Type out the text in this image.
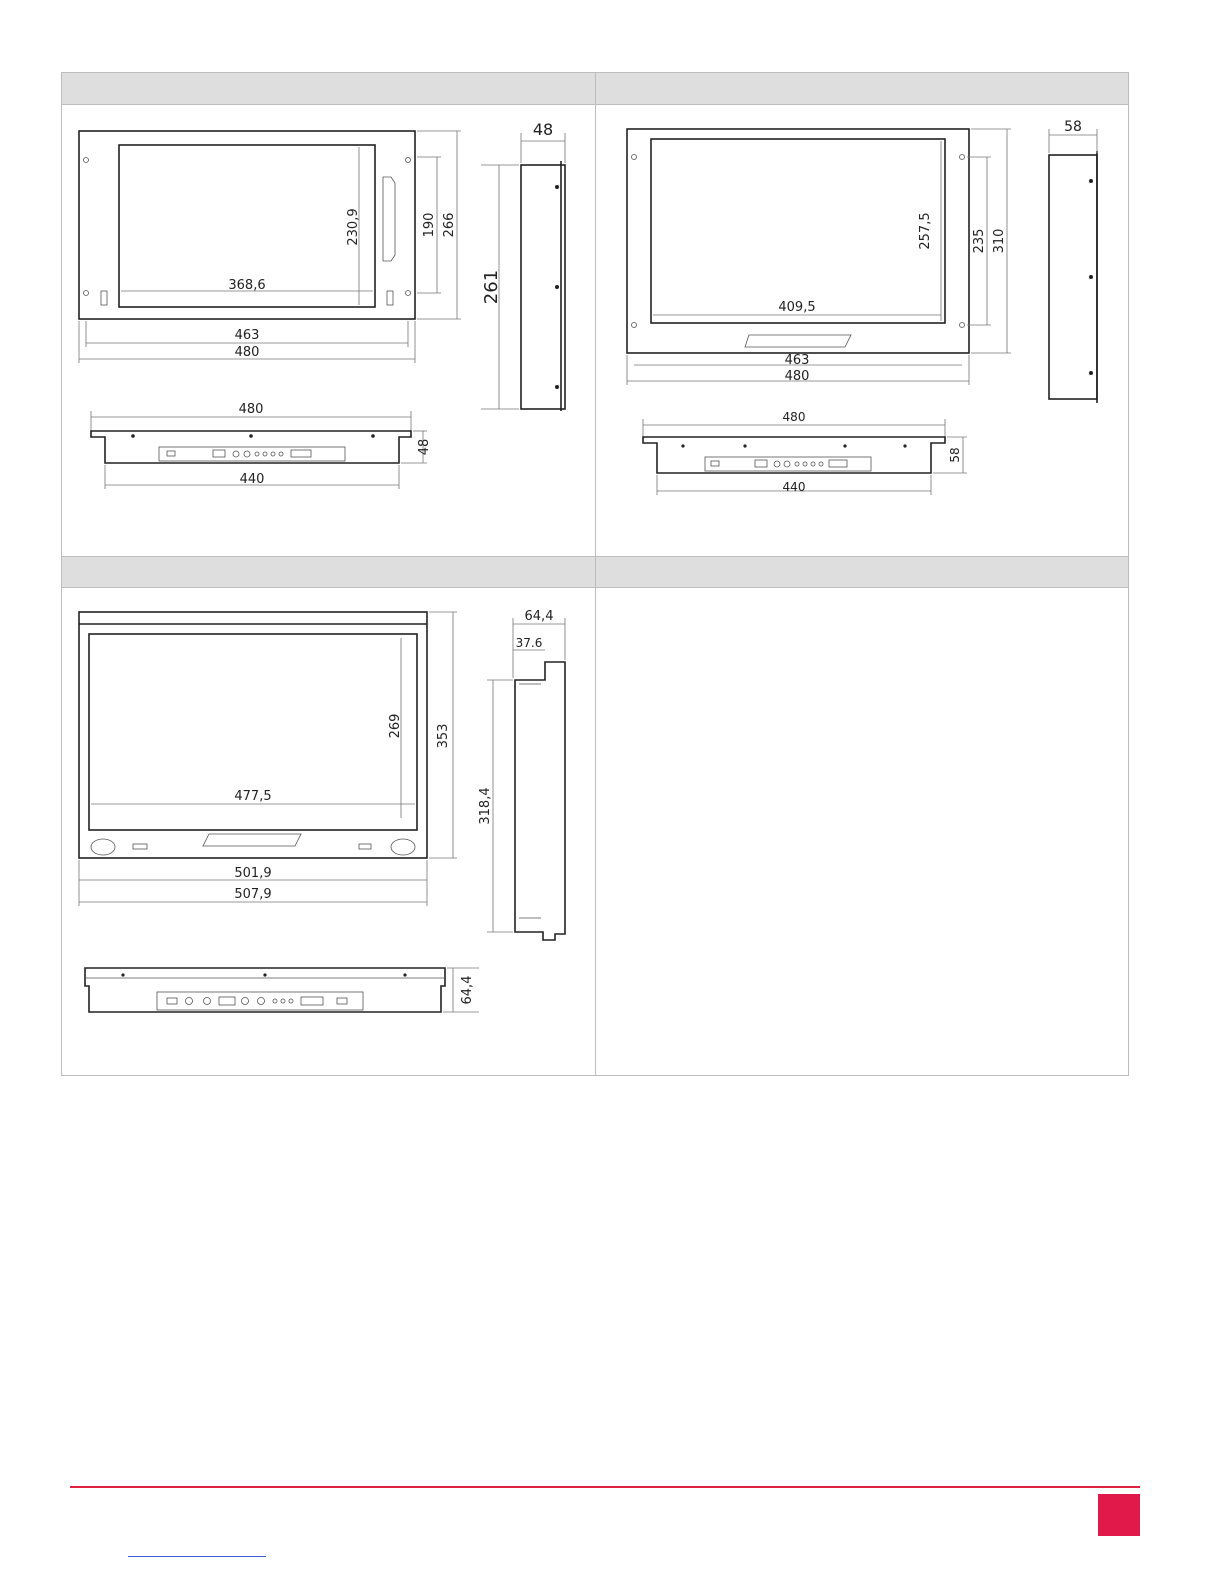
230,9	190 266
368,6
463
480
48
261
480
48
440
257,5	235 310
409,5
463
480
58
480
58
440
269	353
477,5
501,9
507,9
64,4
37.6
318,4
64,4
